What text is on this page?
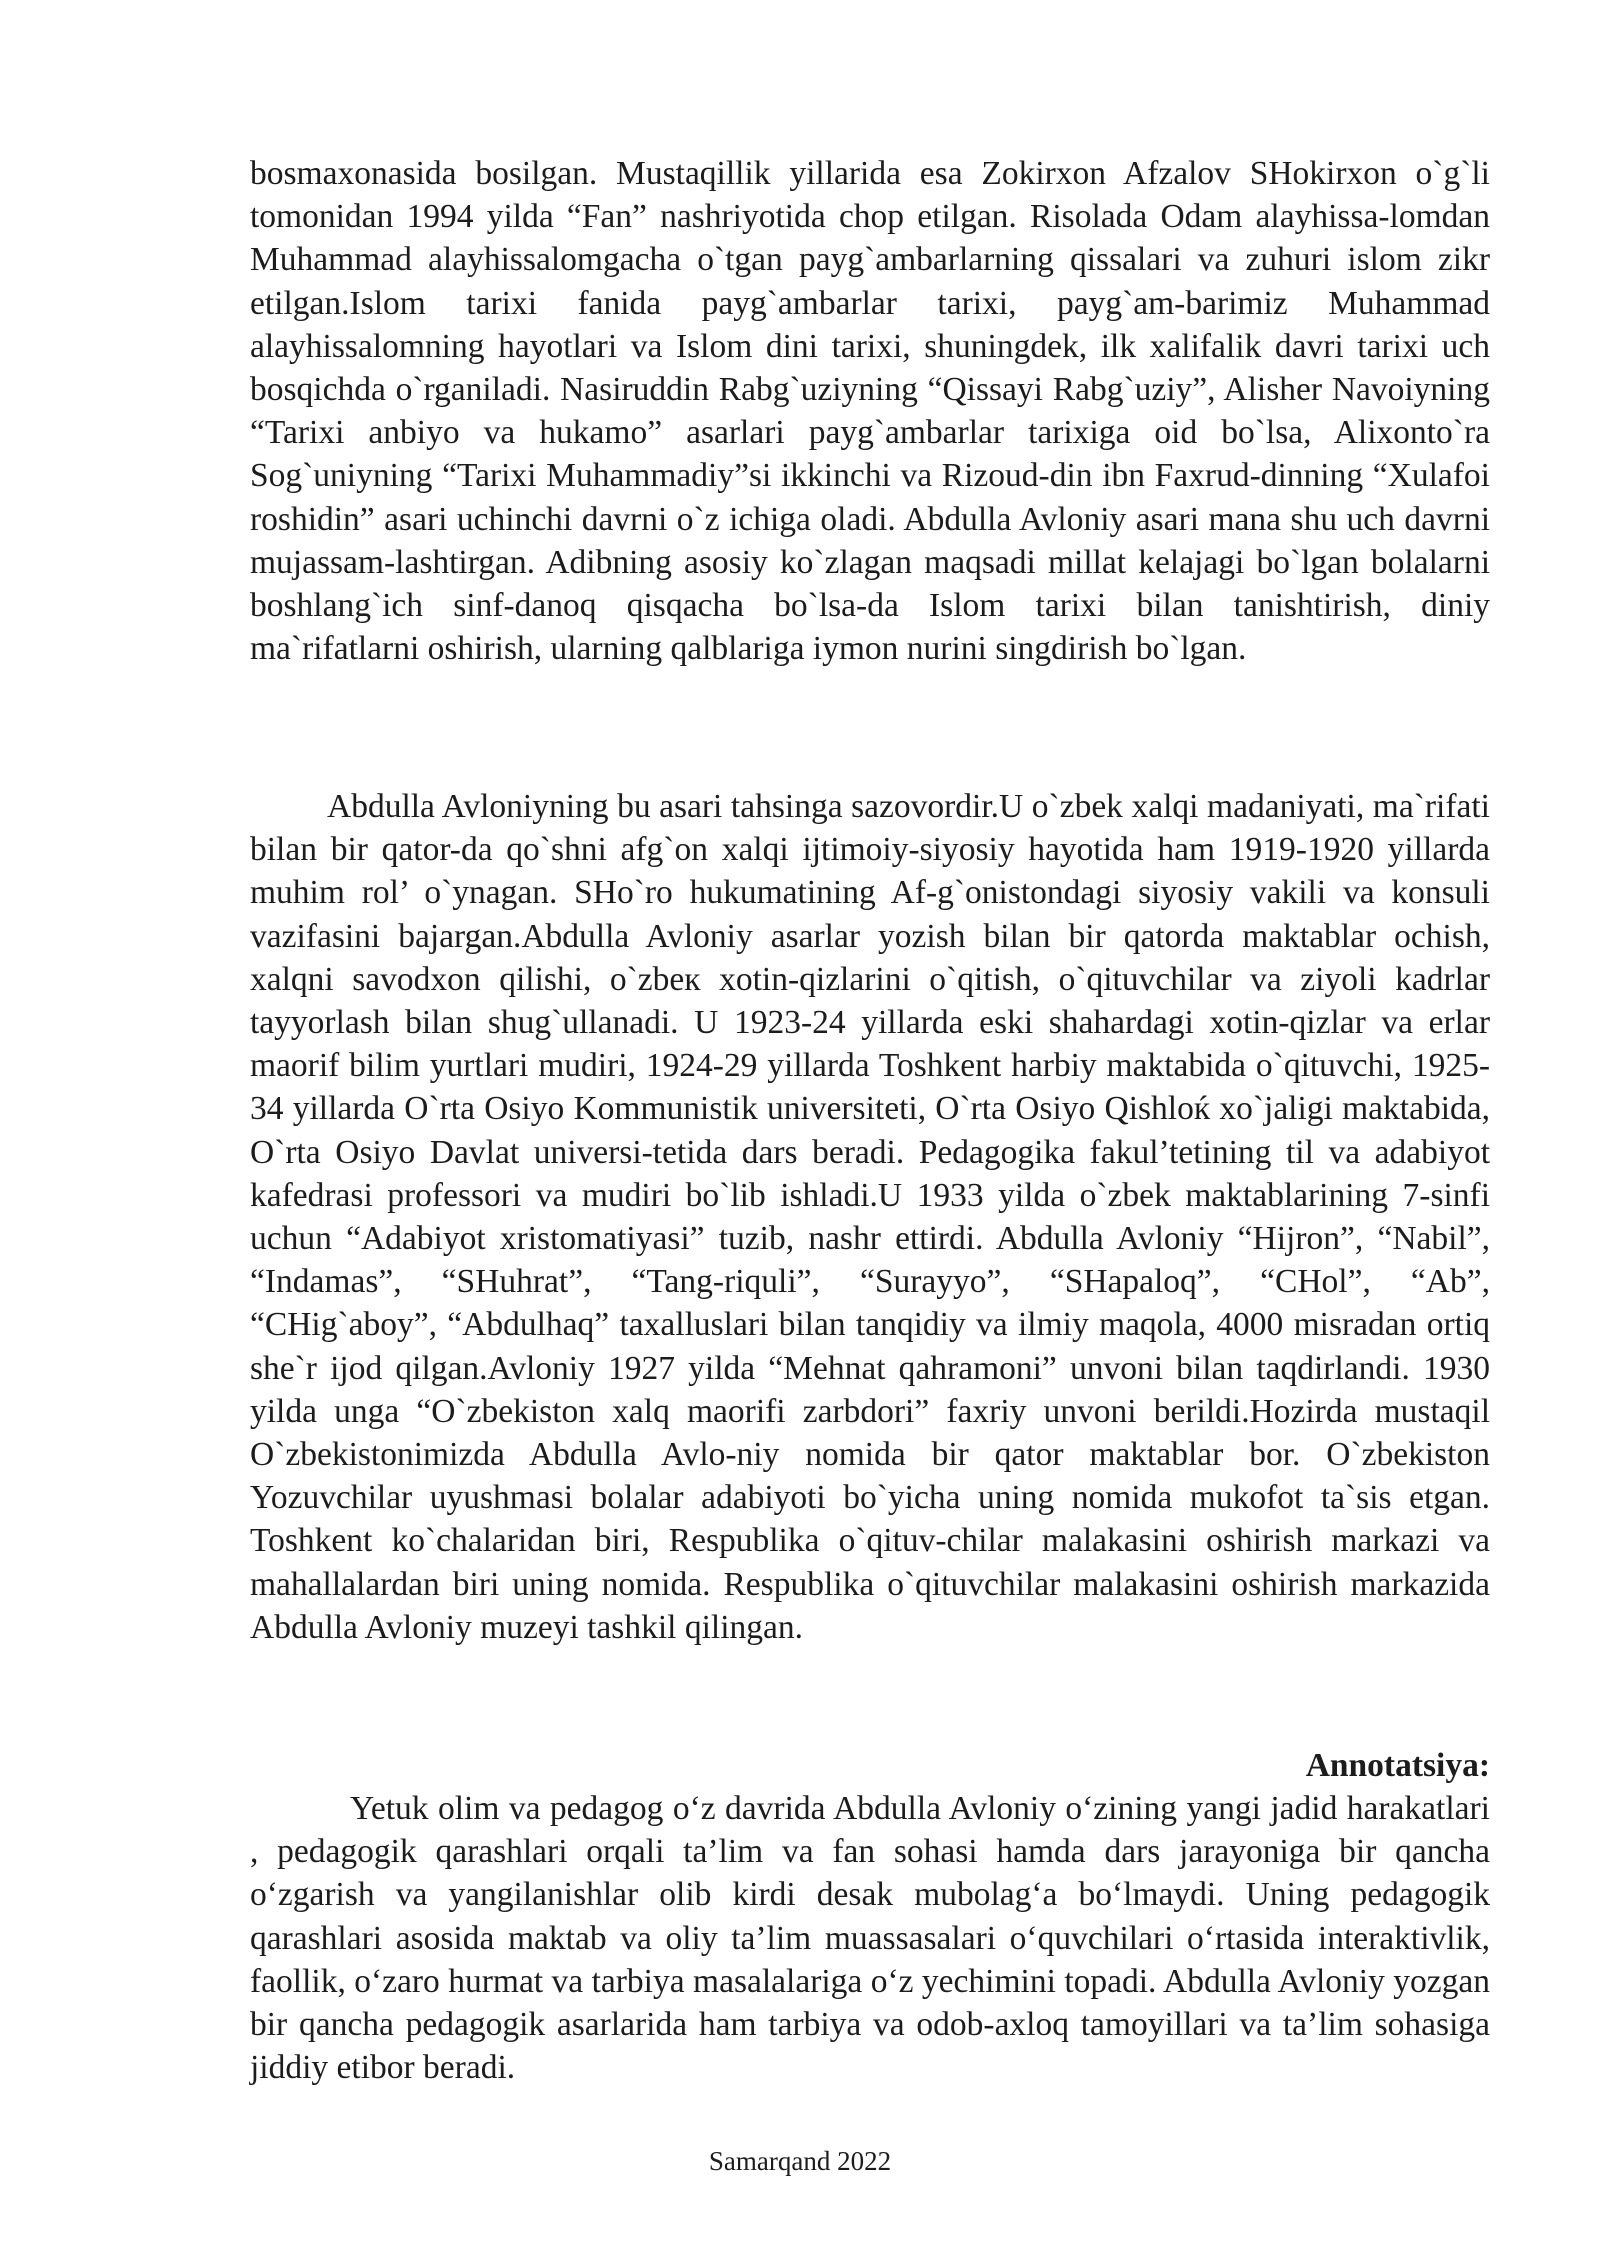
bosmaxonasida bosilgan. Mustaqillik yillarida esa Zokirxon Afzalov SHokirxon o`g`li tomonidan 1994 yilda “Fan” nashriyotida chop etilgan. Risolada Odam alayhissa-lomdan Muhammad alayhissalomgacha o`tgan payg`ambarlarning qissalari va zuhuri islom zikr etilgan.Islom tarixi fanida payg`ambarlar tarixi, payg`am-barimiz Muhammad alayhissalomning hayotlari va Islom dini tarixi, shuningdek, ilk xalifalik davri tarixi uch bosqichda o`rganiladi. Nasiruddin Rabg`uziyning “Qissayi Rabg`uziy”, Alisher Navoiyning “Tarixi anbiyo va hukamo” asarlari payg`ambarlar tarixiga oid bo`lsa, Alixonto`ra Sog`uniyning “Tarixi Muhammadiy”si ikkinchi va Rizoud-din ibn Faxrud-dinning “Xulafoi roshidin” asari uchinchi davrni o`z ichiga oladi. Abdulla Avloniy asari mana shu uch davrni mujassam-lashtirgan. Adibning asosiy ko`zlagan maqsadi millat kelajagi bo`lgan bolalarni boshlang`ich sinf-danoq qisqacha bo`lsa-da Islom tarixi bilan tanishtirish, diniy ma`rifatlarni oshirish, ularning qalblariga iymon nurini singdirish bo`lgan.
Abdulla Avloniyning bu asari tahsinga sazovordir.U o`zbek xalqi madaniyati, ma`rifati bilan bir qator-da qo`shni afg`on xalqi ijtimoiy-siyosiy hayotida ham 1919-1920 yillarda muhim rol’ o`ynagan. SHo`ro hukumatining Af-g`onistondagi siyosiy vakili va konsuli vazifasini bajargan.Abdulla Avloniy asarlar yozish bilan bir qatorda maktablar ochish, xalqni savodxon qilishi, o`zbeк xotin-qizlarini o`qitish, o`qituvchilar va ziyoli kadrlar tayyorlash bilan shug`ullanadi. U 1923-24 yillarda eski shahardagi xotin-qizlar va erlar maorif bilim yurtlari mudiri, 1924-29 yillarda Toshkent harbiy maktabida o`qituvchi, 1925-34 yillarda O`rta Osiyo Kommunistik universiteti, O`rta Osiyo Qishloќ xo`jaligi maktabida, O`rta Osiyo Davlat universi-tetida dars beradi. Pedagogika fakul’tetining til va adabiyot kafedrasi professori va mudiri bo`lib ishladi.U 1933 yilda o`zbek maktablarining 7-sinfi uchun “Adabiyot xristomatiyasi” tuzib, nashr ettirdi. Abdulla Avloniy “Hijron”, “Nabil”, “Indamas”, “SHuhrat”, “Tang-riquli”, “Surayyo”, “SHapaloq”, “CHol”, “Ab”, “CHig`aboy”, “Abdulhaq” taxalluslari bilan tanqidiy va ilmiy maqola, 4000 misradan ortiq she`r ijod qilgan.Avloniy 1927 yilda “Mehnat qahramoni” unvoni bilan taqdirlandi. 1930 yilda unga “O`zbekiston xalq maorifi zarbdori” faxriy unvoni berildi.Hozirda mustaqil O`zbekistonimizda Abdulla Avlo-niy nomida bir qator maktablar bor. O`zbekiston Yozuvchilar uyushmasi bolalar adabiyoti bo`yicha uning nomida mukofot ta`sis etgan. Toshkent ko`chalaridan biri, Respublika o`qituv-chilar malakasini oshirish markazi va mahallalardan biri uning nomida. Respublika o`qituvchilar malakasini oshirish markazida Abdulla Avloniy muzeyi tashkil qilingan.
Annotatsiya:
Yetuk olim va pedagog o‘z davrida Abdulla Avloniy o‘zining yangi jadid harakatlari , pedagogik qarashlari orqali ta’lim va fan sohasi hamda dars jarayoniga bir qancha o‘zgarish va yangilanishlar olib kirdi desak mubolag‘a bo‘lmaydi. Uning pedagogik qarashlari asosida maktab va oliy ta’lim muassasalari o‘quvchilari o‘rtasida interaktivlik, faollik, o‘zaro hurmat va tarbiya masalalariga o‘z yechimini topadi. Abdulla Avloniy yozgan bir qancha pedagogik asarlarida ham tarbiya va odob-axloq tamoyillari va ta’lim sohasiga jiddiy etibor beradi.
Samarqand 2022
